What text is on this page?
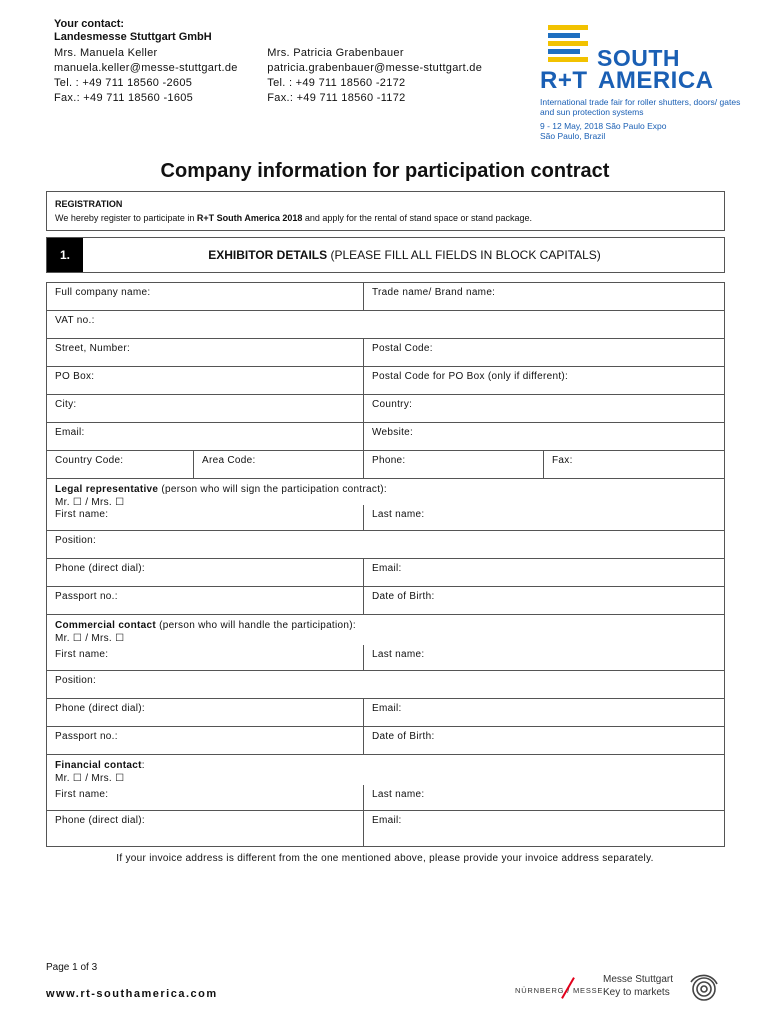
Your contact:
Landesmesse Stuttgart GmbH
Mrs. Manuela Keller
manuela.keller@messe-stuttgart.de
Tel. : +49 711 18560 -2605
Fax.: +49 711 18560 -1605
Mrs. Patricia Grabenbauer
patricia.grabenbauer@messe-stuttgart.de
Tel. : +49 711 18560 -2172
Fax.: +49 711 18560 -1172
SOUTH
R+T AMERICA
International trade fair for roller shutters, doors/ gates and sun protection systems
9 - 12 May, 2018 São Paulo Expo
São Paulo, Brazil
Company information for participation contract
REGISTRATION
We hereby register to participate in R+T South America 2018 and apply for the rental of stand space or stand package.
1.	EXHIBITOR DETAILS (PLEASE FILL ALL FIELDS IN BLOCK CAPITALS)
Full company name:	Trade name/ Brand name:
VAT no.:
Street, Number:	Postal Code:
PO Box:	Postal Code for PO Box (only if different):
City:	Country:
Email:	Website:
Country Code:	Area Code:	Phone:	Fax:
Legal representative (person who will sign the participation contract):
Mr. ☐ / Mrs. ☐
First name:	Last name:
Position:
Phone (direct dial):	Email:
Passport no.:	Date of Birth:
Commercial contact (person who will handle the participation):
Mr. ☐ / Mrs. ☐
First name:	Last name:
Position:
Phone (direct dial):	Email:
Passport no.:	Date of Birth:
Financial contact:
Mr. ☐ / Mrs. ☐
First name:	Last name:
Phone (direct dial):	Email:
If your invoice address is different from the one mentioned above, please provide your invoice address separately.
Page 1 of 3
www.rt-southamerica.com	NÜRNBERG / MESSE
Messe Stuttgart
Key to markets
